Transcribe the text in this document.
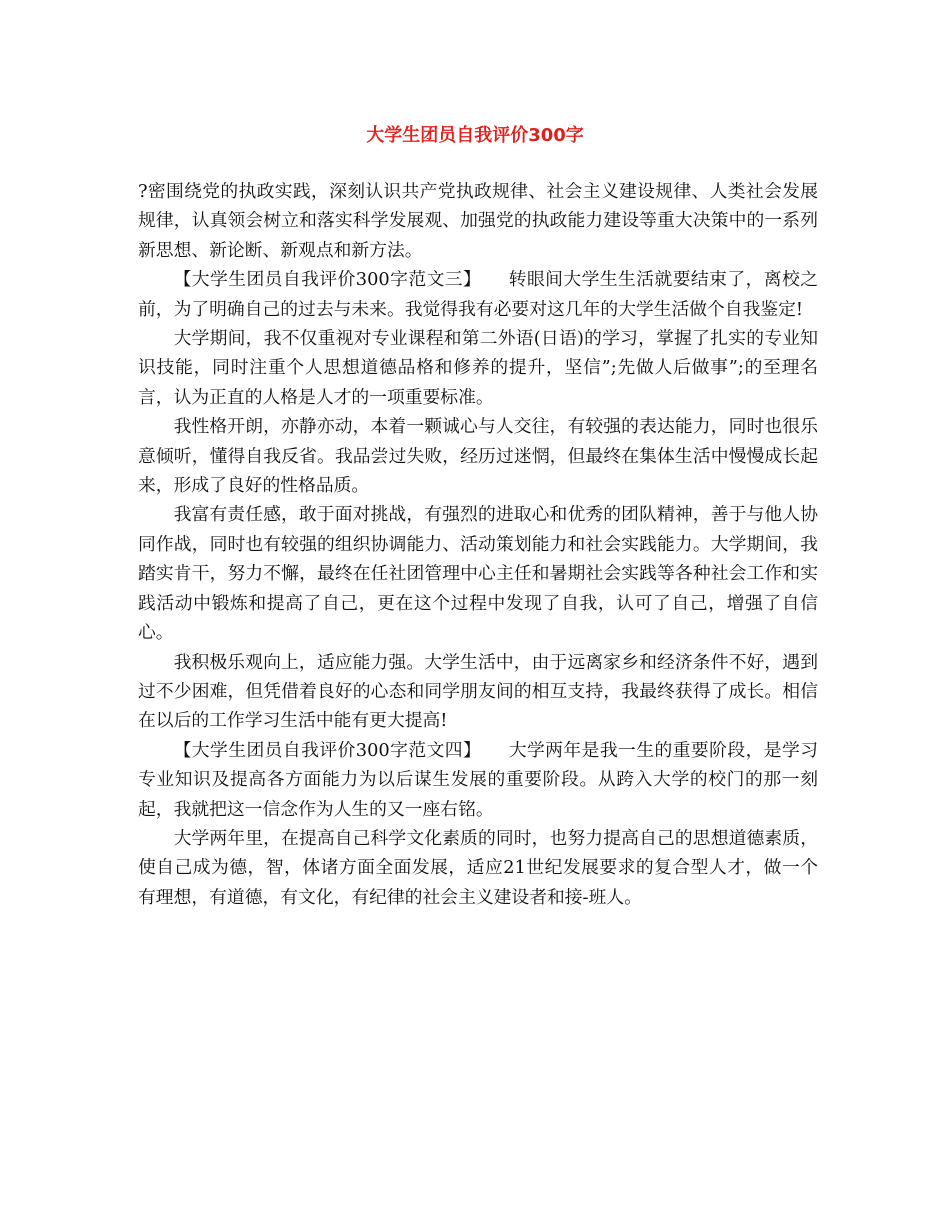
大学生团员自我评价300字

?密围绕党的执政实践，深刻认识共产党执政规律、社会主义建设规律、人类社会发展规律，认真领会树立和落实科学发展观、加强党的执政能力建设等重大决策中的一系列新思想、新论断、新观点和新方法。

【大学生团员自我评价300字范文三】　　转眼间大学生生活就要结束了，离校之前，为了明确自己的过去与未来。我觉得我有必要对这几年的大学生活做个自我鉴定!

大学期间，我不仅重视对专业课程和第二外语(日语)的学习，掌握了扎实的专业知识技能，同时注重个人思想道德品格和修养的提升，坚信”;先做人后做事”;的至理名言，认为正直的人格是人才的一项重要标准。

我性格开朗，亦静亦动，本着一颗诚心与人交往，有较强的表达能力，同时也很乐意倾听，懂得自我反省。我品尝过失败，经历过迷惘，但最终在集体生活中慢慢成长起来，形成了良好的性格品质。

我富有责任感，敢于面对挑战，有强烈的进取心和优秀的团队精神，善于与他人协同作战，同时也有较强的组织协调能力、活动策划能力和社会实践能力。大学期间，我踏实肯干，努力不懈，最终在任社团管理中心主任和暑期社会实践等各种社会工作和实践活动中锻炼和提高了自己，更在这个过程中发现了自我，认可了自己，增强了自信心。

我积极乐观向上，适应能力强。大学生活中，由于远离家乡和经济条件不好，遇到过不少困难，但凭借着良好的心态和同学朋友间的相互支持，我最终获得了成长。相信在以后的工作学习生活中能有更大提高!

【大学生团员自我评价300字范文四】　　大学两年是我一生的重要阶段，是学习专业知识及提高各方面能力为以后谋生发展的重要阶段。从跨入大学的校门的那一刻起，我就把这一信念作为人生的又一座右铭。

大学两年里，在提高自己科学文化素质的同时，也努力提高自己的思想道德素质，使自己成为德，智，体诸方面全面发展，适应21世纪发展要求的复合型人才，做一个有理想，有道德，有文化，有纪律的社会主义建设者和接-班人。
